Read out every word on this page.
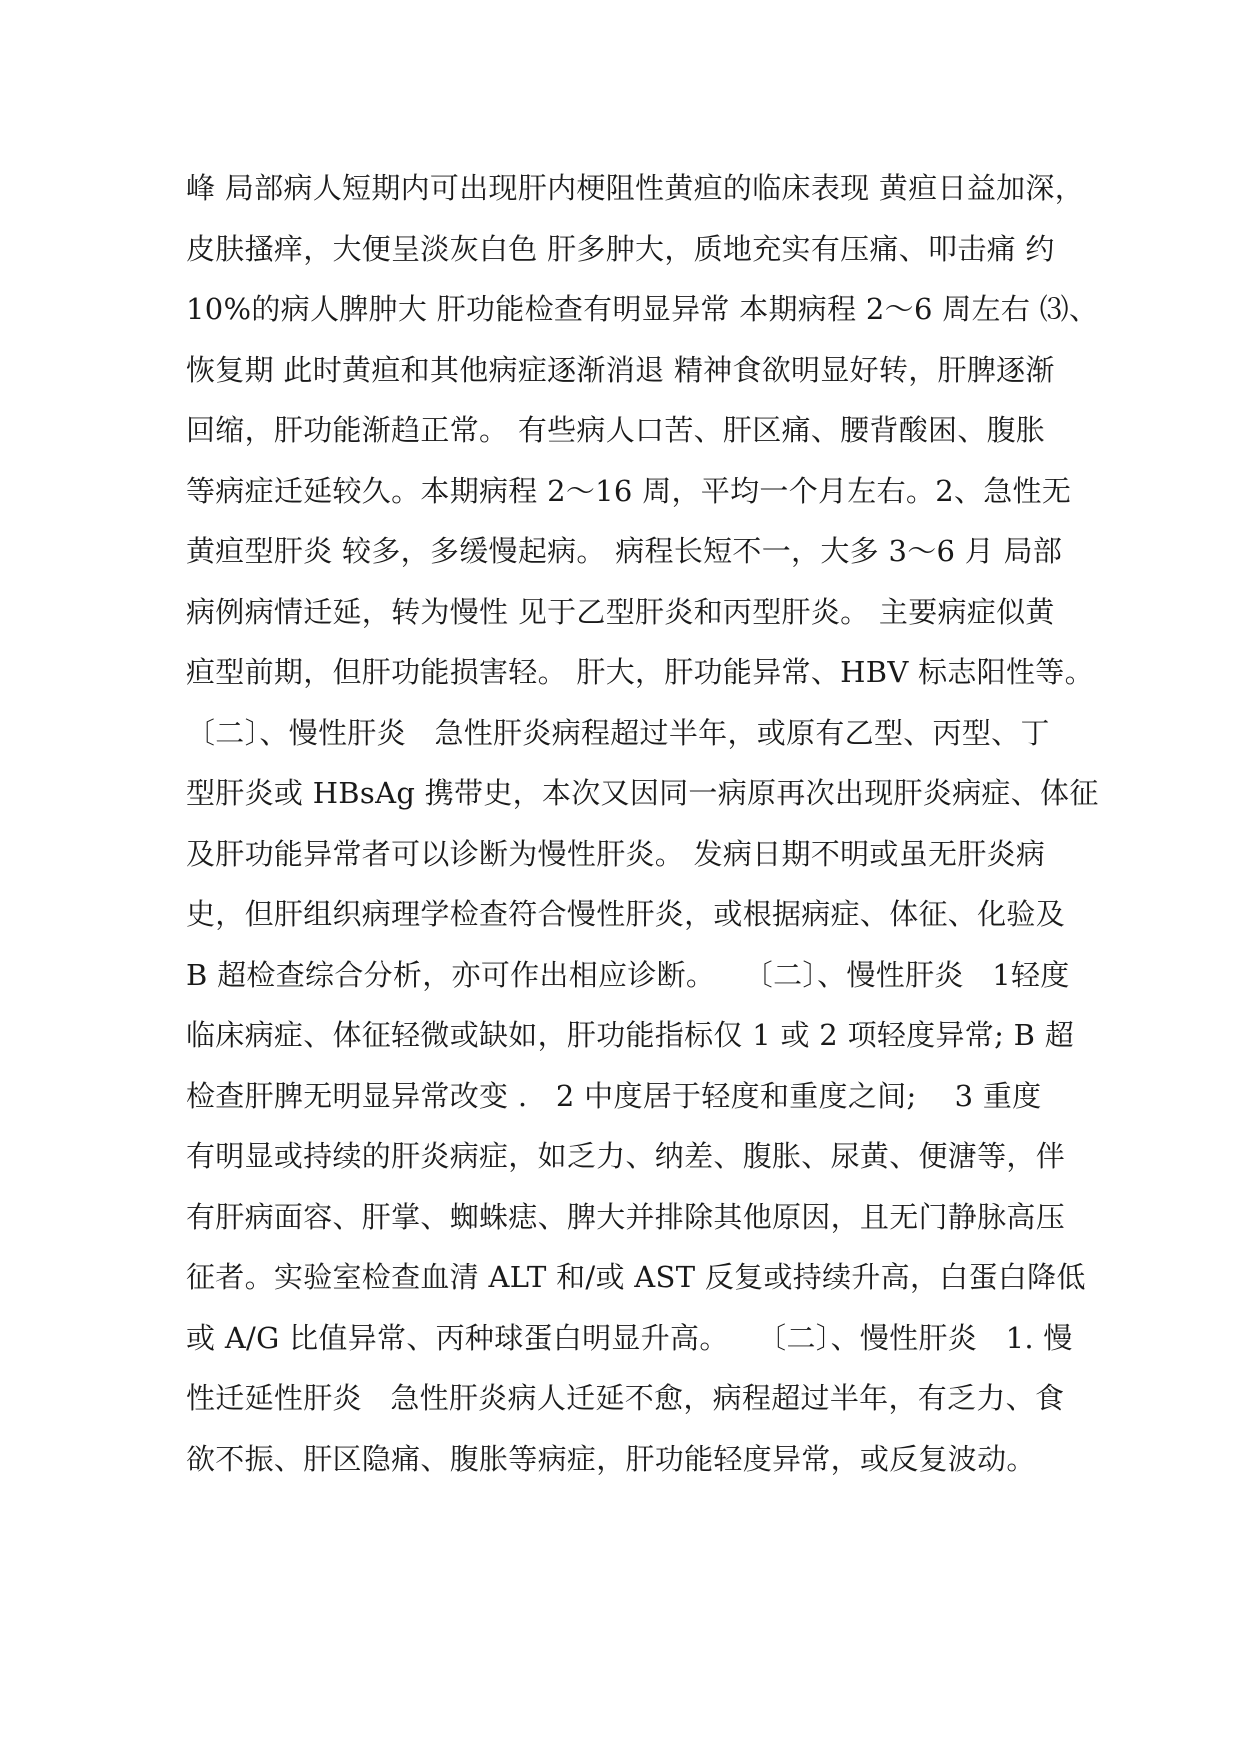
峰 局部病人短期内可出现肝内梗阻性黄疸的临床表现 黄疸日益加深，
皮肤搔痒，大便呈淡灰白色 肝多肿大，质地充实有压痛、叩击痛 约
10%的病人脾肿大 肝功能检查有明显异常 本期病程 2～6 周左右 ⑶、
恢复期 此时黄疸和其他病症逐渐消退 精神食欲明显好转，肝脾逐渐
回缩，肝功能渐趋正常。 有些病人口苦、肝区痛、腰背酸困、腹胀
等病症迁延较久。本期病程 2～16 周，平均一个月左右。2、急性无
黄疸型肝炎 较多，多缓慢起病。 病程长短不一，大多 3～6 月 局部
病例病情迁延，转为慢性 见于乙型肝炎和丙型肝炎。 主要病症似黄
疸型前期，但肝功能损害轻。 肝大，肝功能异常、HBV 标志阳性等。
〔二〕、慢性肝炎   急性肝炎病程超过半年，或原有乙型、丙型、丁
型肝炎或 HBsAg 携带史，本次又因同一病原再次出现肝炎病症、体征
及肝功能异常者可以诊断为慢性肝炎。 发病日期不明或虽无肝炎病
史，但肝组织病理学检查符合慢性肝炎，或根据病症、体征、化验及
B 超检查综合分析，亦可作出相应诊断。   〔二〕、慢性肝炎   1轻度
临床病症、体征轻微或缺如，肝功能指标仅 1 或 2 项轻度异常; B 超
检查肝脾无明显异常改变 .   2 中度居于轻度和重度之间;    3 重度
有明显或持续的肝炎病症，如乏力、纳差、腹胀、尿黄、便溏等，伴
有肝病面容、肝掌、蜘蛛痣、脾大并排除其他原因，且无门静脉高压
征者。实验室检查血清 ALT 和/或 AST 反复或持续升高，白蛋白降低
或 A/G 比值异常、丙种球蛋白明显升高。   〔二〕、慢性肝炎   1. 慢
性迁延性肝炎   急性肝炎病人迁延不愈，病程超过半年，有乏力、食
欲不振、肝区隐痛、腹胀等病症，肝功能轻度异常，或反复波动。
